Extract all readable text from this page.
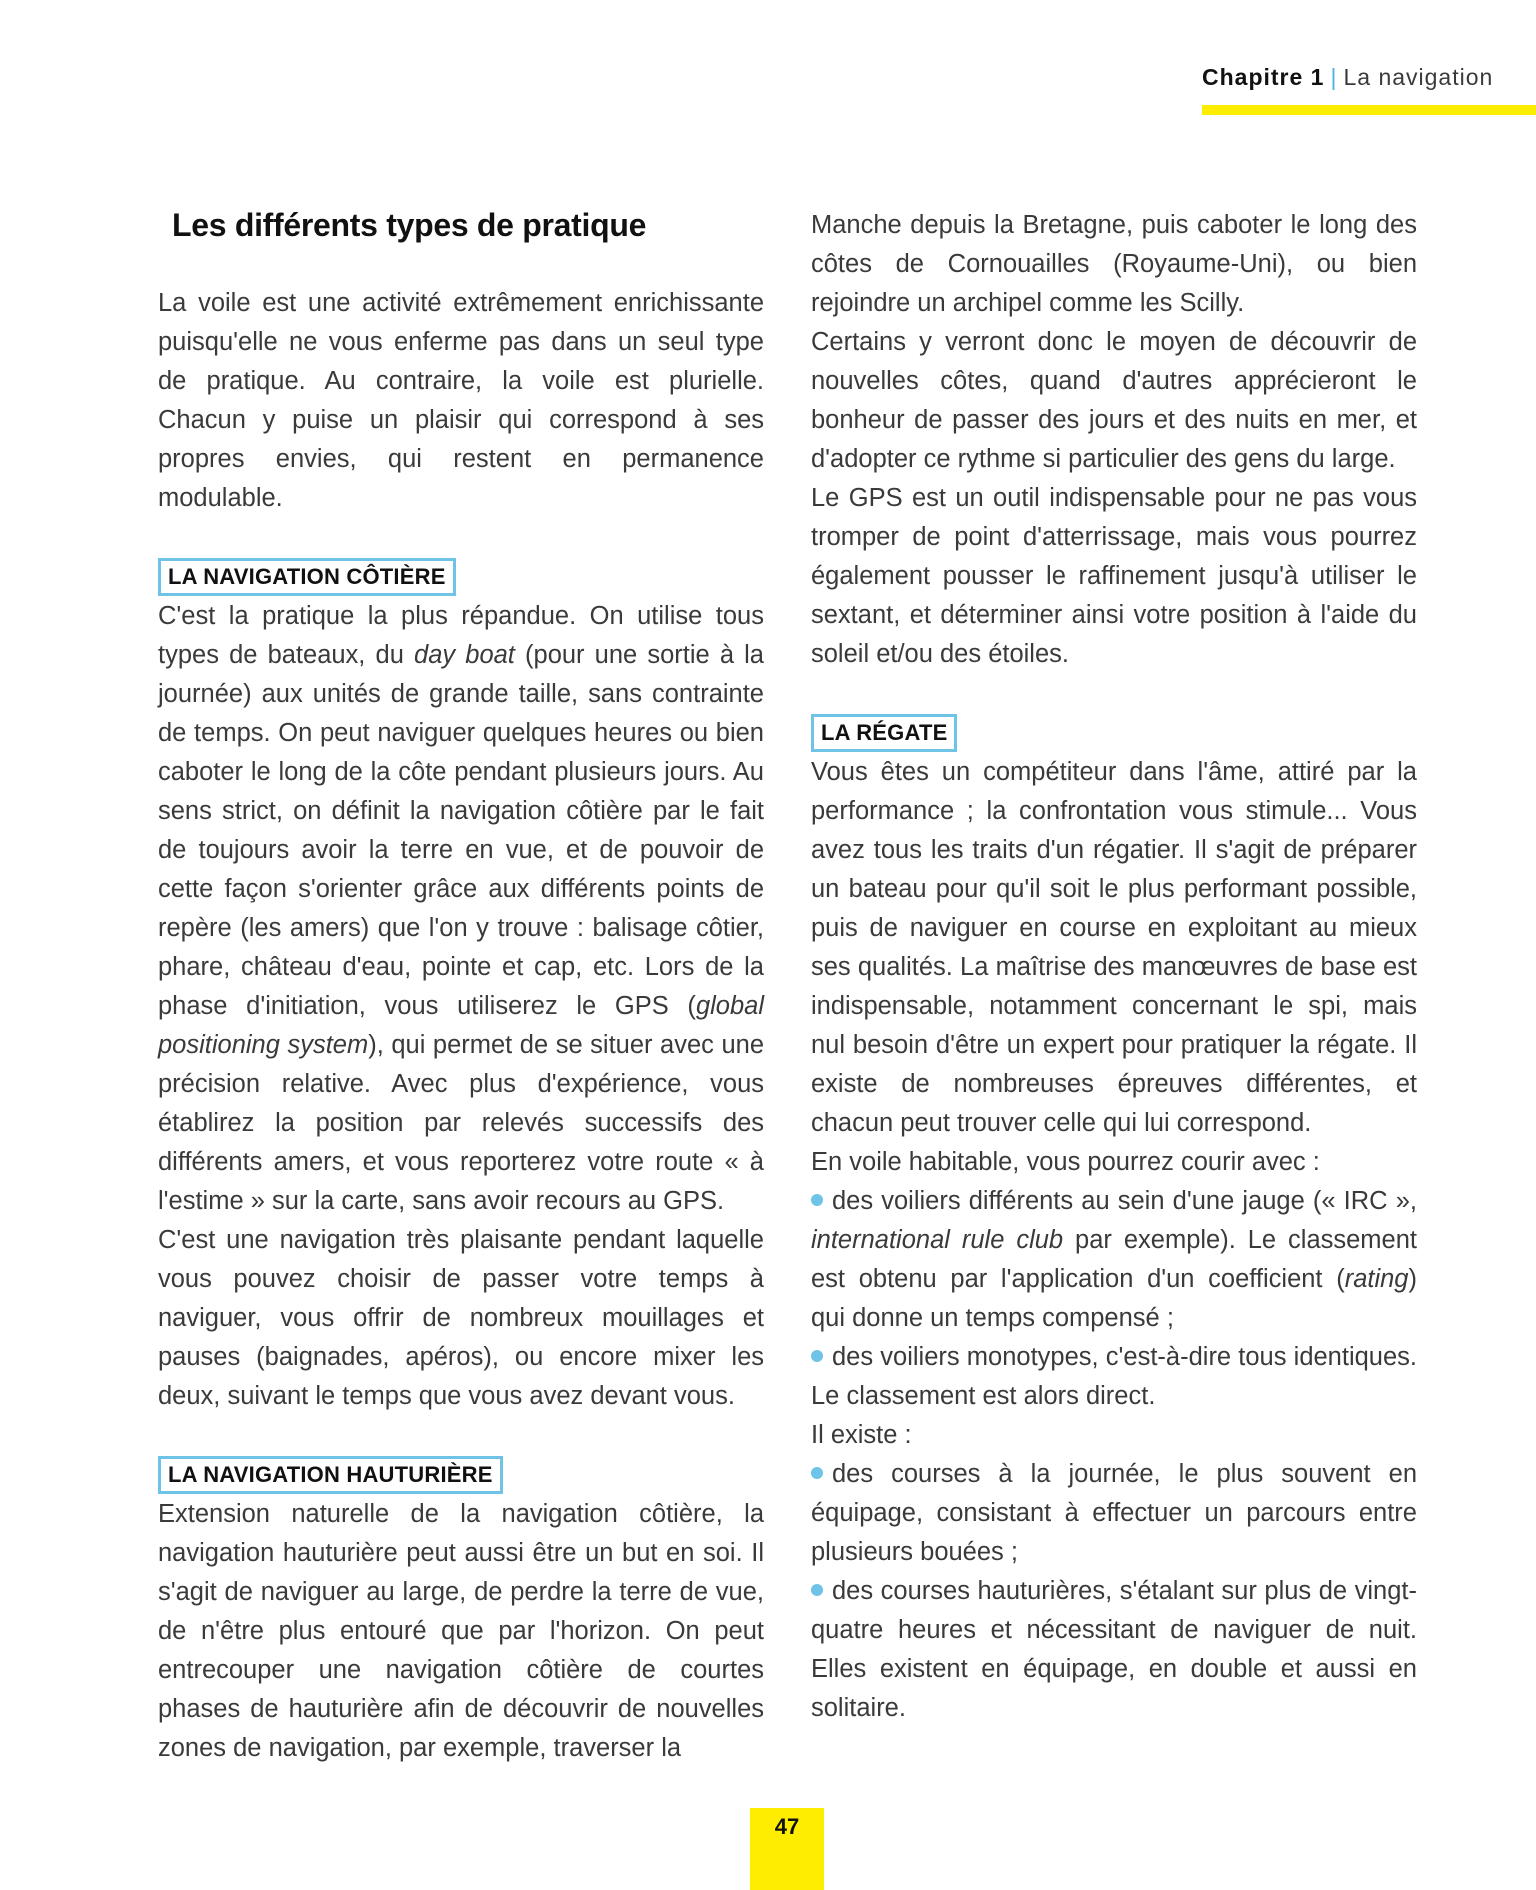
Chapitre 1 | La navigation
Les différents types de pratique

La voile est une activité extrêmement enrichissante puisqu'elle ne vous enferme pas dans un seul type de pratique. Au contraire, la voile est plurielle. Chacun y puise un plaisir qui correspond à ses propres envies, qui restent en permanence modulable.

LA NAVIGATION CÔTIÈRE

C'est la pratique la plus répandue. On utilise tous types de bateaux, du day boat (pour une sortie à la journée) aux unités de grande taille, sans contrainte de temps. On peut naviguer quelques heures ou bien caboter le long de la côte pendant plusieurs jours. Au sens strict, on définit la navigation côtière par le fait de toujours avoir la terre en vue, et de pouvoir de cette façon s'orienter grâce aux différents points de repère (les amers) que l'on y trouve : balisage côtier, phare, château d'eau, pointe et cap, etc. Lors de la phase d'initiation, vous utiliserez le GPS (global positioning system), qui permet de se situer avec une précision relative. Avec plus d'expérience, vous établirez la position par relevés successifs des différents amers, et vous reporterez votre route « à l'estime » sur la carte, sans avoir recours au GPS.

C'est une navigation très plaisante pendant laquelle vous pouvez choisir de passer votre temps à naviguer, vous offrir de nombreux mouillages et pauses (baignades, apéros), ou encore mixer les deux, suivant le temps que vous avez devant vous.

LA NAVIGATION HAUTURIÈRE

Extension naturelle de la navigation côtière, la navigation hauturière peut aussi être un but en soi. Il s'agit de naviguer au large, de perdre la terre de vue, de n'être plus entouré que par l'horizon. On peut entrecouper une navigation côtière de courtes phases de hauturière afin de découvrir de nouvelles zones de navigation, par exemple, traverser la

Manche depuis la Bretagne, puis caboter le long des côtes de Cornouailles (Royaume-Uni), ou bien rejoindre un archipel comme les Scilly.

Certains y verront donc le moyen de découvrir de nouvelles côtes, quand d'autres apprécieront le bonheur de passer des jours et des nuits en mer, et d'adopter ce rythme si particulier des gens du large.

Le GPS est un outil indispensable pour ne pas vous tromper de point d'atterrissage, mais vous pourrez également pousser le raffinement jusqu'à utiliser le sextant, et déterminer ainsi votre position à l'aide du soleil et/ou des étoiles.

LA RÉGATE

Vous êtes un compétiteur dans l'âme, attiré par la performance ; la confrontation vous stimule... Vous avez tous les traits d'un régatier. Il s'agit de préparer un bateau pour qu'il soit le plus performant possible, puis de naviguer en course en exploitant au mieux ses qualités. La maîtrise des manœuvres de base est indispensable, notamment concernant le spi, mais nul besoin d'être un expert pour pratiquer la régate. Il existe de nombreuses épreuves différentes, et chacun peut trouver celle qui lui correspond.

En voile habitable, vous pourrez courir avec :

des voiliers différents au sein d'une jauge (« IRC », international rule club par exemple). Le classement est obtenu par l'application d'un coefficient (rating) qui donne un temps compensé ;

des voiliers monotypes, c'est-à-dire tous identiques. Le classement est alors direct.

Il existe :

des courses à la journée, le plus souvent en équipage, consistant à effectuer un parcours entre plusieurs bouées ;

des courses hauturières, s'étalant sur plus de vingt-quatre heures et nécessitant de naviguer de nuit. Elles existent en équipage, en double et aussi en solitaire.

47
